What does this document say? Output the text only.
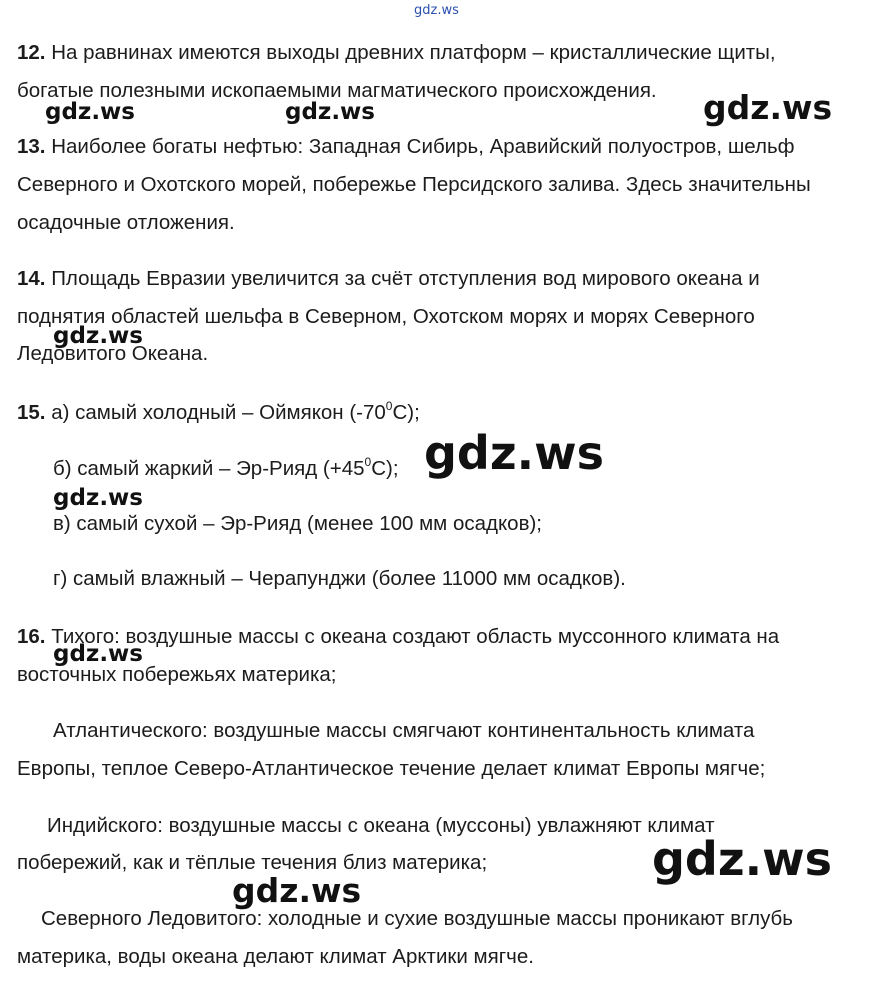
gdz.ws
12. На равнинах имеются выходы древних платформ – кристаллические щиты,
богатые полезными ископаемыми магматического происхождения.
13. Наиболее богаты нефтью: Западная Сибирь, Аравийский полуостров, шельф
Северного и Охотского морей, побережье Персидского залива. Здесь значительны
осадочные отложения.
14. Площадь Евразии увеличится за счёт отступления вод мирового океана и
поднятия областей шельфа в Северном, Охотском морях и морях Северного
Ледовитого Океана.
15. а) самый холодный – Оймякон $(-70^0С)$;
б) самый жаркий – Эр-Рияд $(+45^0С)$;
в) самый сухой – Эр-Рияд (менее 100 мм осадков);
г) самый влажный – Черапунджи (более 11000 мм осадков).
16. Тихого: воздушные массы с океана создают область муссонного климата на
восточных побережьях материка;
Атлантического: воздушные массы смягчают континентальность климата
Европы, теплое Северо-Атлантическое течение делает климат Европы мягче;
Индийского: воздушные массы с океана (муссоны) увлажняют климат
побережий, как и тёплые течения близ материка;
Северного Ледовитого: холодные и сухие воздушные массы проникают вглубь
материка, воды океана делают климат Арктики мягче.
gdz.ws	gdz.ws	gdz.ws
gdz.ws
gdz.ws
gdz.ws
gdz.ws
gdz.ws
gdz.ws
